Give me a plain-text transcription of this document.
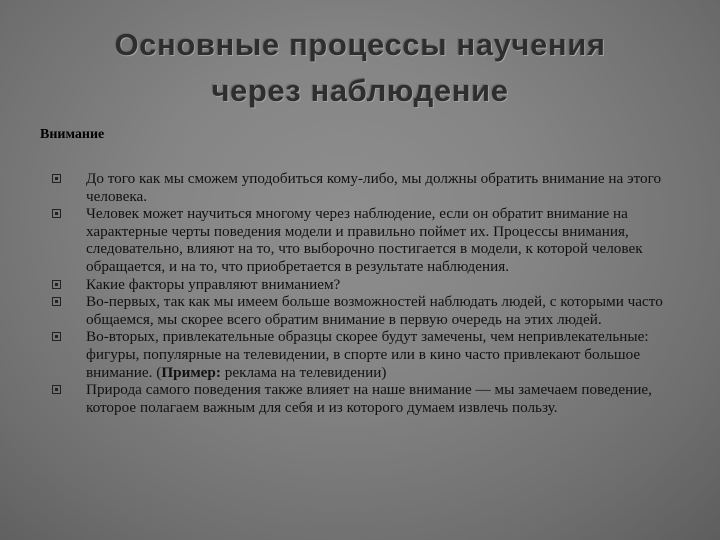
Основные процессы научения
через наблюдение
Внимание
До того как мы сможем уподобиться кому-либо, мы должны обратить внимание на этого человека.
Человек может научиться многому через наблюдение, если он обратит внимание на характерные черты поведения модели и правильно поймет их. Процессы внимания, следовательно, влияют на то, что выборочно постигается в модели, к которой человек обращается, и на то, что приобретается в результате наблюдения.
Какие факторы управляют вниманием?
Во-первых, так как мы имеем больше возможностей наблюдать людей, с которыми часто общаемся, мы скорее всего обратим внимание в первую очередь на этих людей.
Во-вторых, привлекательные образцы скорее будут замечены, чем непривлекательные: фигуры, популярные на телевидении, в спорте или в кино часто привлекают большое внимание. (Пример: реклама на телевидении)
Природа самого поведения также влияет на наше внимание — мы замечаем поведение, которое полагаем важным для себя и из которого думаем извлечь пользу.
